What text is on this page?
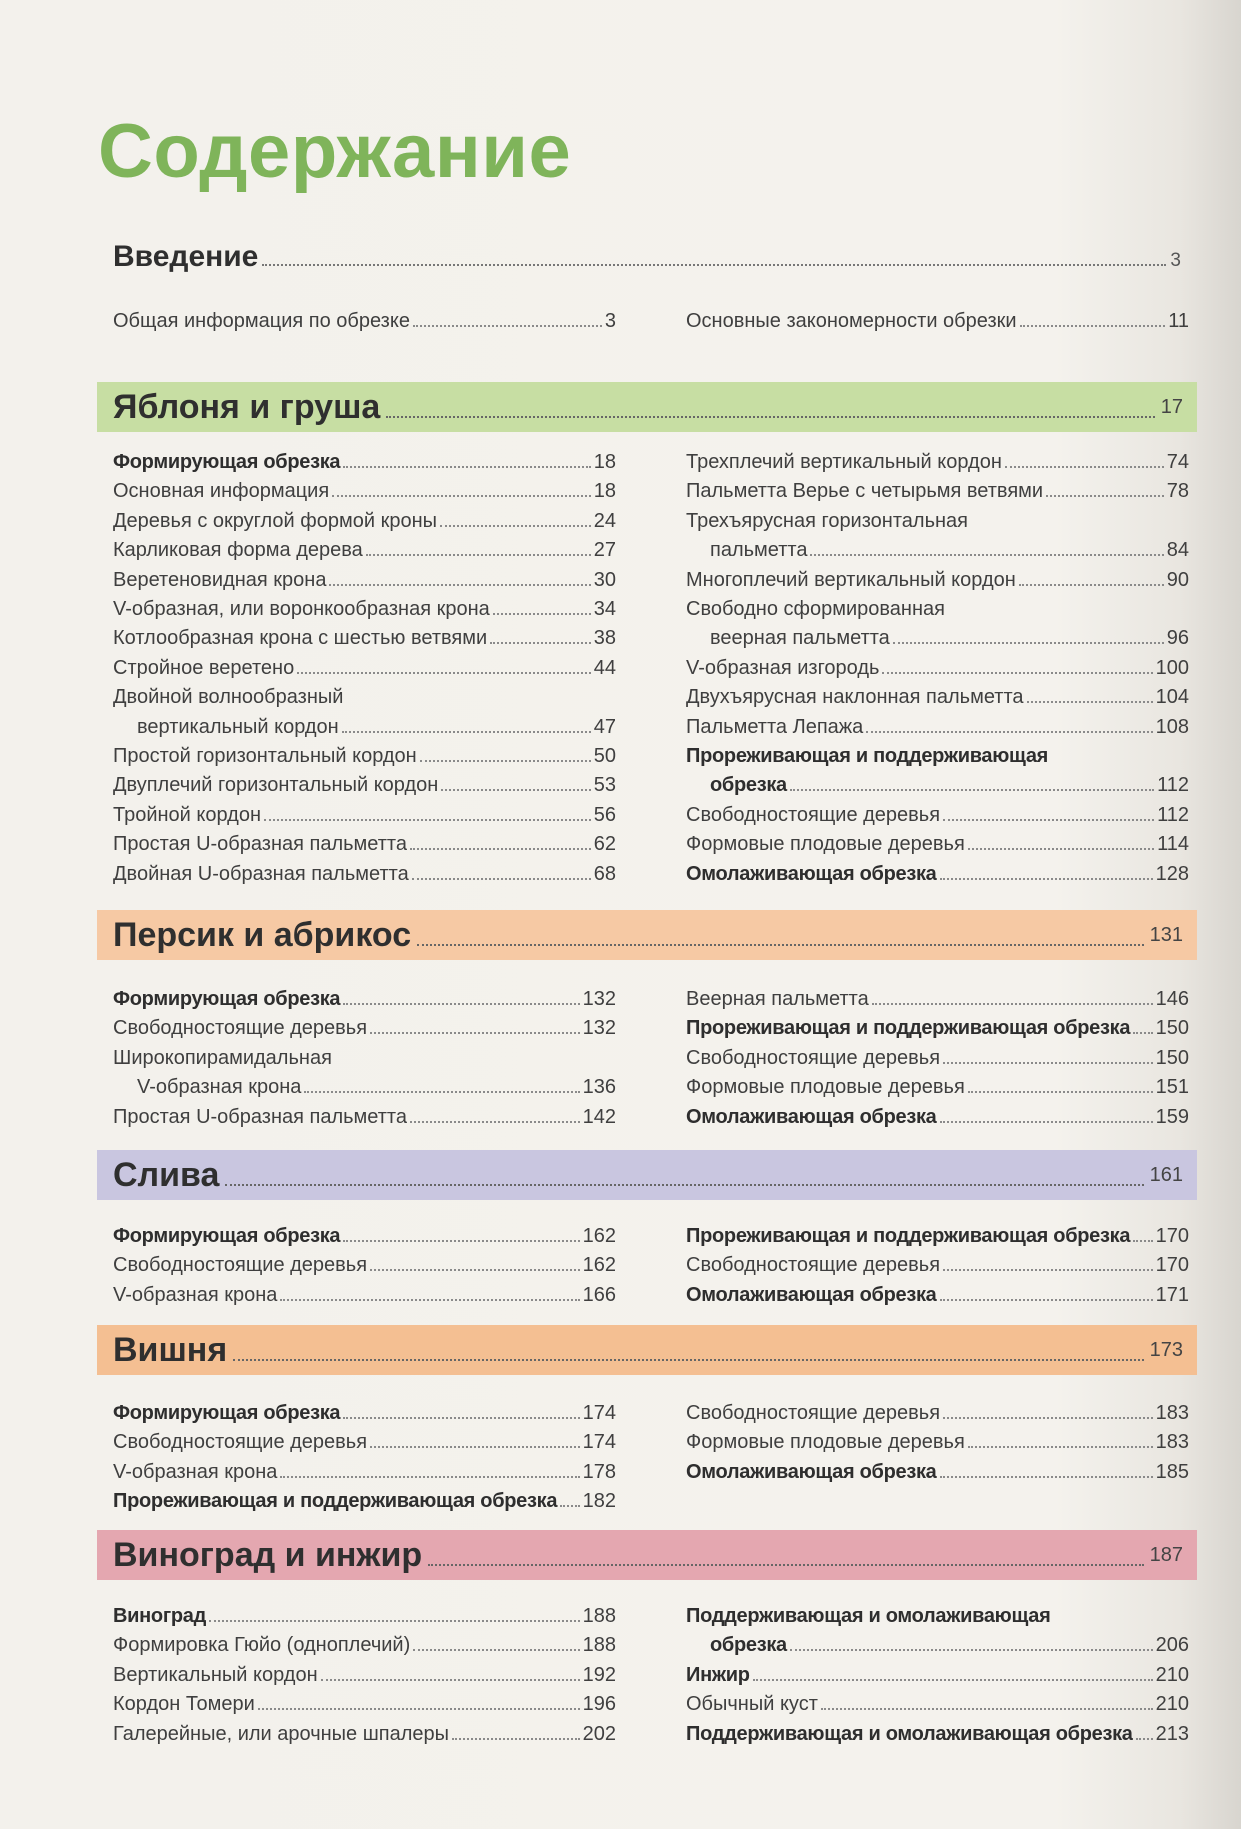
Содержание
Введение	3
Общая информация по обрезке	3	Основные закономерности обрезки	11
Яблоня и груша	17
Формирующая обрезка	18
Основная информация	18
Деревья с округлой формой кроны	24
Карликовая форма дерева	27
Веретеновидная крона	30
V-образная, или воронкообразная крона	34
Котлообразная крона с шестью ветвями	38
Стройное веретено	44
Двойной волнообразный
вертикальный кордон	47
Простой горизонтальный кордон	50
Двуплечий горизонтальный кордон	53
Тройной кордон	56
Простая U-образная пальметта	62
Двойная U-образная пальметта	68
Трехплечий вертикальный кордон	74
Пальметта Верье с четырьмя ветвями	78
Трехъярусная горизонтальная
пальметта	84
Многоплечий вертикальный кордон	90
Свободно сформированная
веерная пальметта	96
V-образная изгородь	100
Двухъярусная наклонная пальметта	104
Пальметта Лепажа	108
Прореживающая и поддерживающая
обрезка	112
Свободностоящие деревья	112
Формовые плодовые деревья	114
Омолаживающая обрезка	128
Персик и абрикос	131
Формирующая обрезка	132
Свободностоящие деревья	132
Широкопирамидальная
V-образная крона	136
Простая U-образная пальметта	142
Веерная пальметта	146
Прореживающая и поддерживающая обрезка 150
Свободностоящие деревья	150
Формовые плодовые деревья	151
Омолаживающая обрезка	159
Слива	161
Формирующая обрезка	162
Свободностоящие деревья	162
V-образная крона	166
Прореживающая и поддерживающая обрезка 170
Свободностоящие деревья	170
Омолаживающая обрезка	171
Вишня	173
Формирующая обрезка	174
Свободностоящие деревья	174
V-образная крона	178
Прореживающая и поддерживающая обрезка 182
Свободностоящие деревья	183
Формовые плодовые деревья	183
Омолаживающая обрезка	185
Виноград и инжир	187
Виноград	188
Формировка Гюйо (одноплечий)	188
Вертикальный кордон	192
Кордон Томери	196
Галерейные, или арочные шпалеры	202
Поддерживающая и омолаживающая
обрезка	206
Инжир	210
Обычный куст	210
Поддерживающая и омолаживающая обрезка 213
